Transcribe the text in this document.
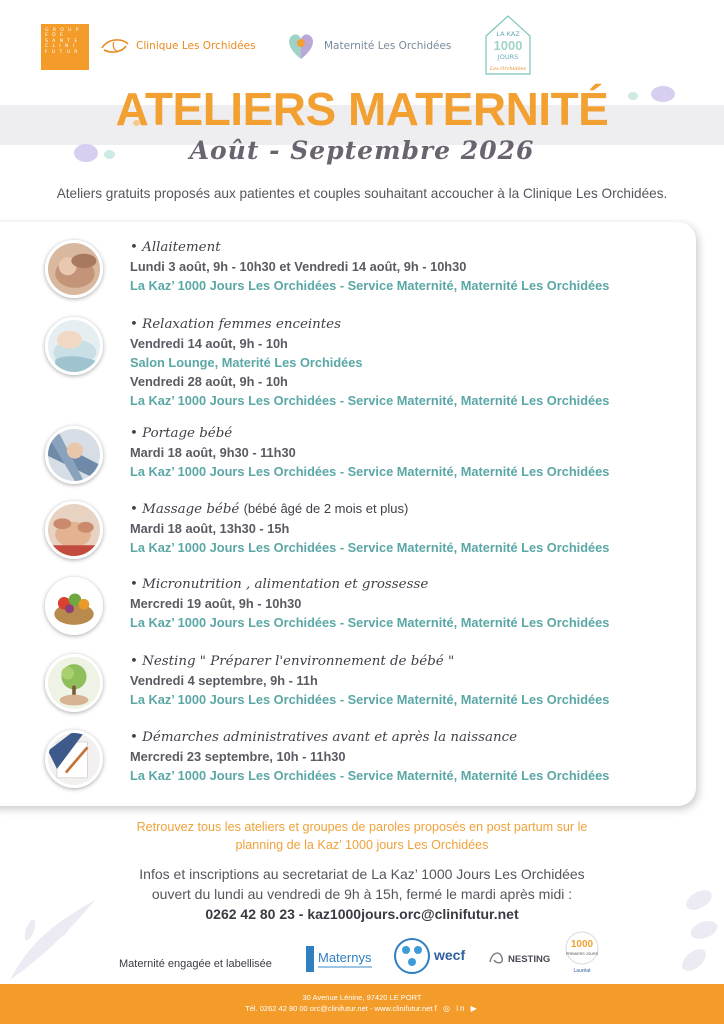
G R O U P
E D E
S A N T E
C L I N I
F U T U R
Clinique Les Orchidées	Maternité Les Orchidées
LA KAZ
1000
JOURS
Les Orchidées
ATELIERS MATERNITÉ
Août - Septembre 2026
Ateliers gratuits proposés aux patientes et couples souhaitant accoucher à la Clinique Les Orchidées.
• Allaitement
Lundi 3 août, 9h - 10h30 et Vendredi 14 août, 9h - 10h30
La Kaz’ 1000 Jours Les Orchidées - Service Maternité, Maternité Les Orchidées
• Relaxation femmes enceintes
Vendredi 14 août, 9h - 10h
Salon Lounge, Materité Les Orchidées
Vendredi 28 août, 9h - 10h
La Kaz’ 1000 Jours Les Orchidées - Service Maternité, Maternité Les Orchidées
• Portage bébé
Mardi 18 août, 9h30 - 11h30
La Kaz’ 1000 Jours Les Orchidées - Service Maternité, Maternité Les Orchidées
• Massage bébé (bébé âgé de 2 mois et plus)
Mardi 18 août, 13h30 - 15h
La Kaz’ 1000 Jours Les Orchidées - Service Maternité, Maternité Les Orchidées
• Micronutrition , alimentation et grossesse
Mercredi 19 août, 9h - 10h30
La Kaz’ 1000 Jours Les Orchidées - Service Maternité, Maternité Les Orchidées
• Nesting " Préparer l'environnement de bébé "
Vendredi 4 septembre, 9h - 11h
La Kaz’ 1000 Jours Les Orchidées - Service Maternité, Maternité Les Orchidées
• Démarches administratives avant et après la naissance
Mercredi 23 septembre, 10h - 11h30
La Kaz’ 1000 Jours Les Orchidées - Service Maternité, Maternité Les Orchidées
Retrouvez tous les ateliers et groupes de paroles proposés en post partum sur le
planning de la Kaz’ 1000 jours Les Orchidées
Infos et inscriptions au secretariat de La Kaz’ 1000 Jours Les Orchidées
ouvert du lundi au vendredi de 9h à 15h, fermé le mardi après midi :
0262 42 80 23 - kaz1000jours.orc@clinifutur.net
Maternité engagée et labellisée	Maternys	wecf	NESTING
1000
PREMIERS JOURS
Lauréat
30 Avenue Lénine, 97420 LE PORT
Tél. 0262 42 80 00 orc@clinifutur.net - www.clinifutur.net f ◎ in ▶
